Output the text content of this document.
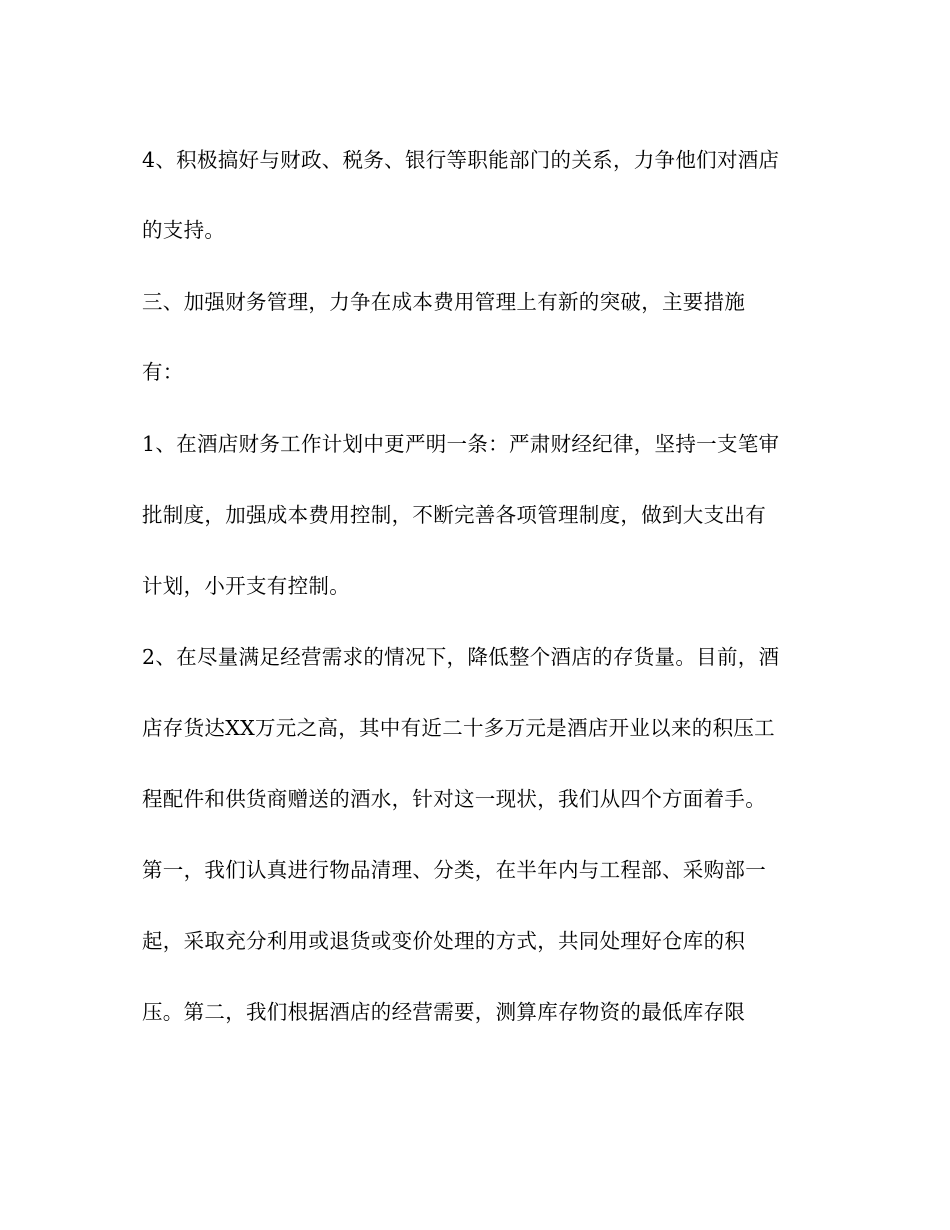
4、积极搞好与财政、税务、银行等职能部门的关系，力争他们对酒店
的支持。
三、加强财务管理，力争在成本费用管理上有新的突破，主要措施
有：
1、在酒店财务工作计划中更严明一条：严肃财经纪律，坚持一支笔审
批制度，加强成本费用控制，不断完善各项管理制度，做到大支出有
计划，小开支有控制。
2、在尽量满足经营需求的情况下，降低整个酒店的存货量。目前，酒
店存货达XX万元之高，其中有近二十多万元是酒店开业以来的积压工
程配件和供货商赠送的酒水，针对这一现状，我们从四个方面着手。
第一，我们认真进行物品清理、分类，在半年内与工程部、采购部一
起，采取充分利用或退货或变价处理的方式，共同处理好仓库的积
压。第二，我们根据酒店的经营需要，测算库存物资的最低库存限
